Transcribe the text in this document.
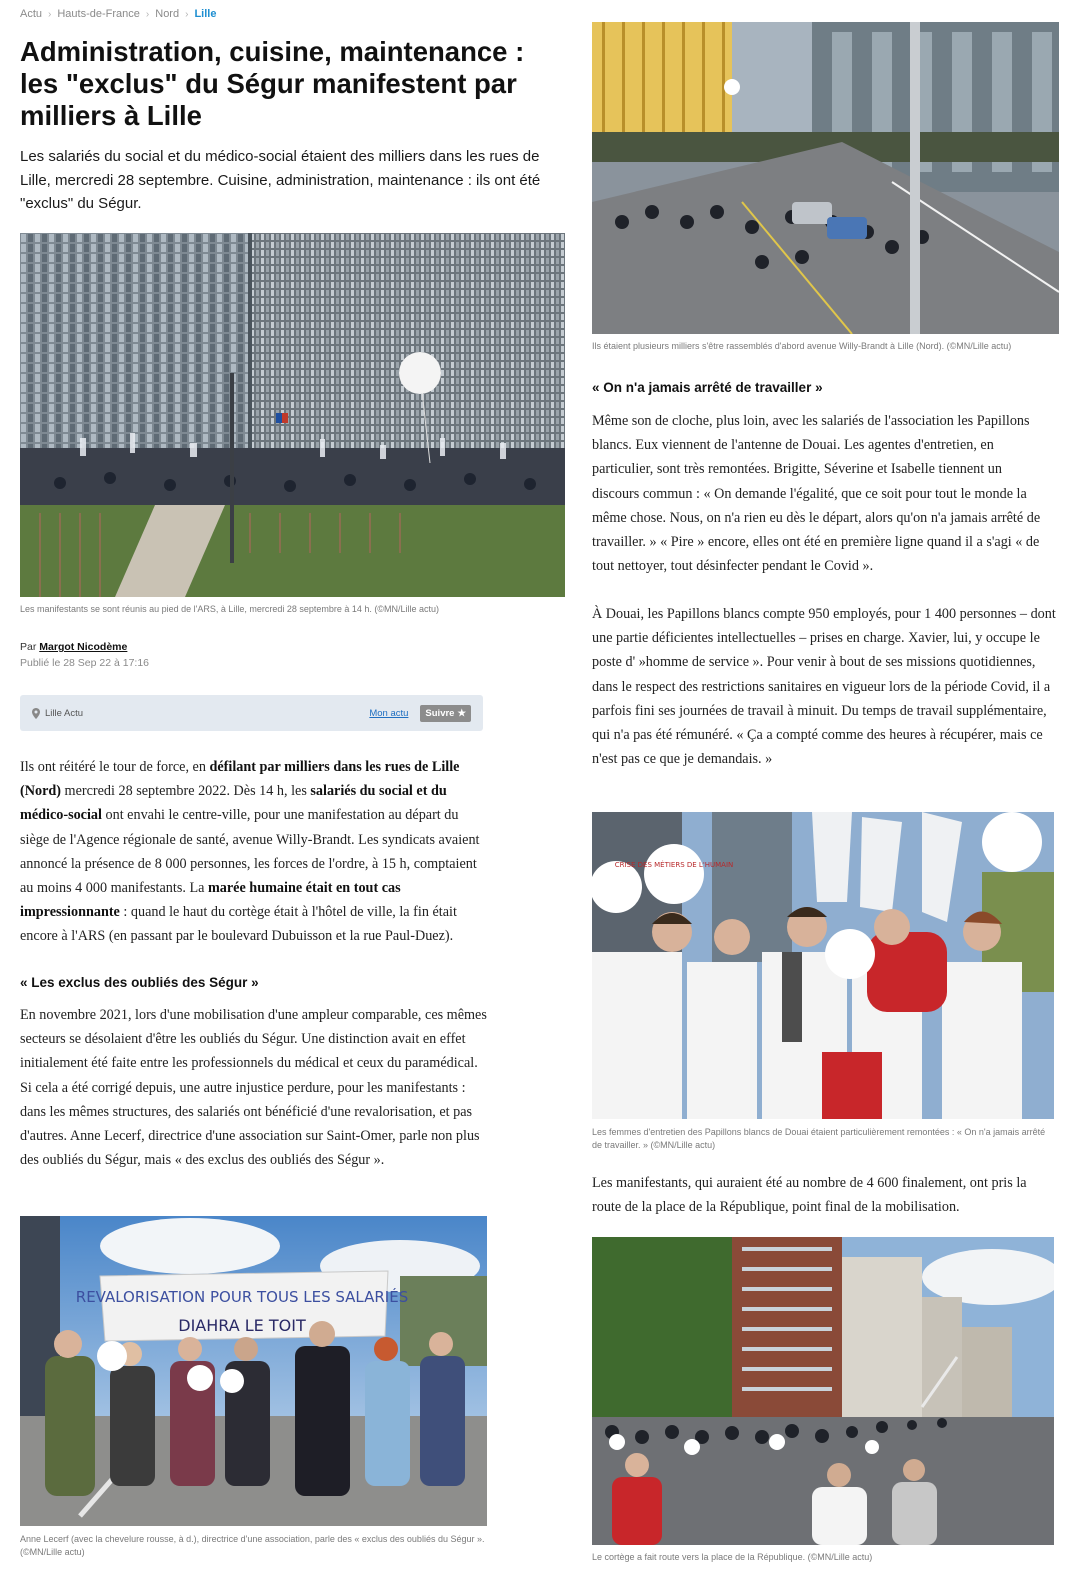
Actu › Hauts-de-France › Nord › Lille
Administration, cuisine, maintenance : les "exclus" du Ségur manifestent par milliers à Lille

Les salariés du social et du médico-social étaient des milliers dans les rues de Lille, mercredi 28 septembre. Cuisine, administration, maintenance : ils ont été "exclus" du Ségur.

Les manifestants se sont réunis au pied de l'ARS, à Lille, mercredi 28 septembre à 14 h. (©MN/Lille actu)

Par Margot Nicodème

Publié le 28 Sep 22 à 17:16

Lille Actu	Mon actu Suivre ★

Ils ont réitéré le tour de force, en défilant par milliers dans les rues de Lille (Nord) mercredi 28 septembre 2022. Dès 14 h, les salariés du social et du médico-social ont envahi le centre-ville, pour une manifestation au départ du siège de l'Agence régionale de santé, avenue Willy-Brandt. Les syndicats avaient annoncé la présence de 8 000 personnes, les forces de l'ordre, à 15 h, comptaient au moins 4 000 manifestants. La marée humaine était en tout cas impressionnante : quand le haut du cortège était à l'hôtel de ville, la fin était encore à l'ARS (en passant par le boulevard Dubuisson et la rue Paul-Duez).

« Les exclus des oubliés des Ségur »

En novembre 2021, lors d'une mobilisation d'une ampleur comparable, ces mêmes secteurs se désolaient d'être les oubliés du Ségur. Une distinction avait en effet initialement été faite entre les professionnels du médical et ceux du paramédical. Si cela a été corrigé depuis, une autre injustice perdure, pour les manifestants : dans les mêmes structures, des salariés ont bénéficié d'une revalorisation, et pas d'autres. Anne Lecerf, directrice d'une association sur Saint-Omer, parle non plus des oubliés du Ségur, mais « des exclus des oubliés des Ségur ».

REVALORISATION POUR TOUS LES SALARIÉS
DIAHRA LE TOIT

Anne Lecerf (avec la chevelure rousse, à d.), directrice d'une association, parle des « exclus des oubliés du Ségur ». (©MN/Lille actu)

Ils étaient plusieurs milliers s'être rassemblés d'abord avenue Willy-Brandt à Lille (Nord). (©MN/Lille actu)

« On n'a jamais arrêté de travailler »

Même son de cloche, plus loin, avec les salariés de l'association les Papillons blancs. Eux viennent de l'antenne de Douai. Les agentes d'entretien, en particulier, sont très remontées. Brigitte, Séverine et Isabelle tiennent un discours commun : « On demande l'égalité, que ce soit pour tout le monde la même chose. Nous, on n'a rien eu dès le départ, alors qu'on n'a jamais arrêté de travailler. » « Pire » encore, elles ont été en première ligne quand il a s'agi « de tout nettoyer, tout désinfecter pendant le Covid ».

À Douai, les Papillons blancs compte 950 employés, pour 1 400 personnes – dont une partie déficientes intellectuelles – prises en charge. Xavier, lui, y occupe le poste d' »homme de service ». Pour venir à bout de ses missions quotidiennes, dans le respect des restrictions sanitaires en vigueur lors de la période Covid, il a parfois fini ses journées de travail à minuit. Du temps de travail supplémentaire, qui n'a pas été rémunéré. « Ça a compté comme des heures à récupérer, mais ce n'est pas ce que je demandais. »

CRISE DES MÉTIERS DE L'HUMAIN

Les femmes d'entretien des Papillons blancs de Douai étaient particulièrement remontées : « On n'a jamais arrêté de travailler. » (©MN/Lille actu)

Les manifestants, qui auraient été au nombre de 4 600 finalement, ont pris la route de la place de la République, point final de la mobilisation.

Le cortège a fait route vers la place de la République. (©MN/Lille actu)
